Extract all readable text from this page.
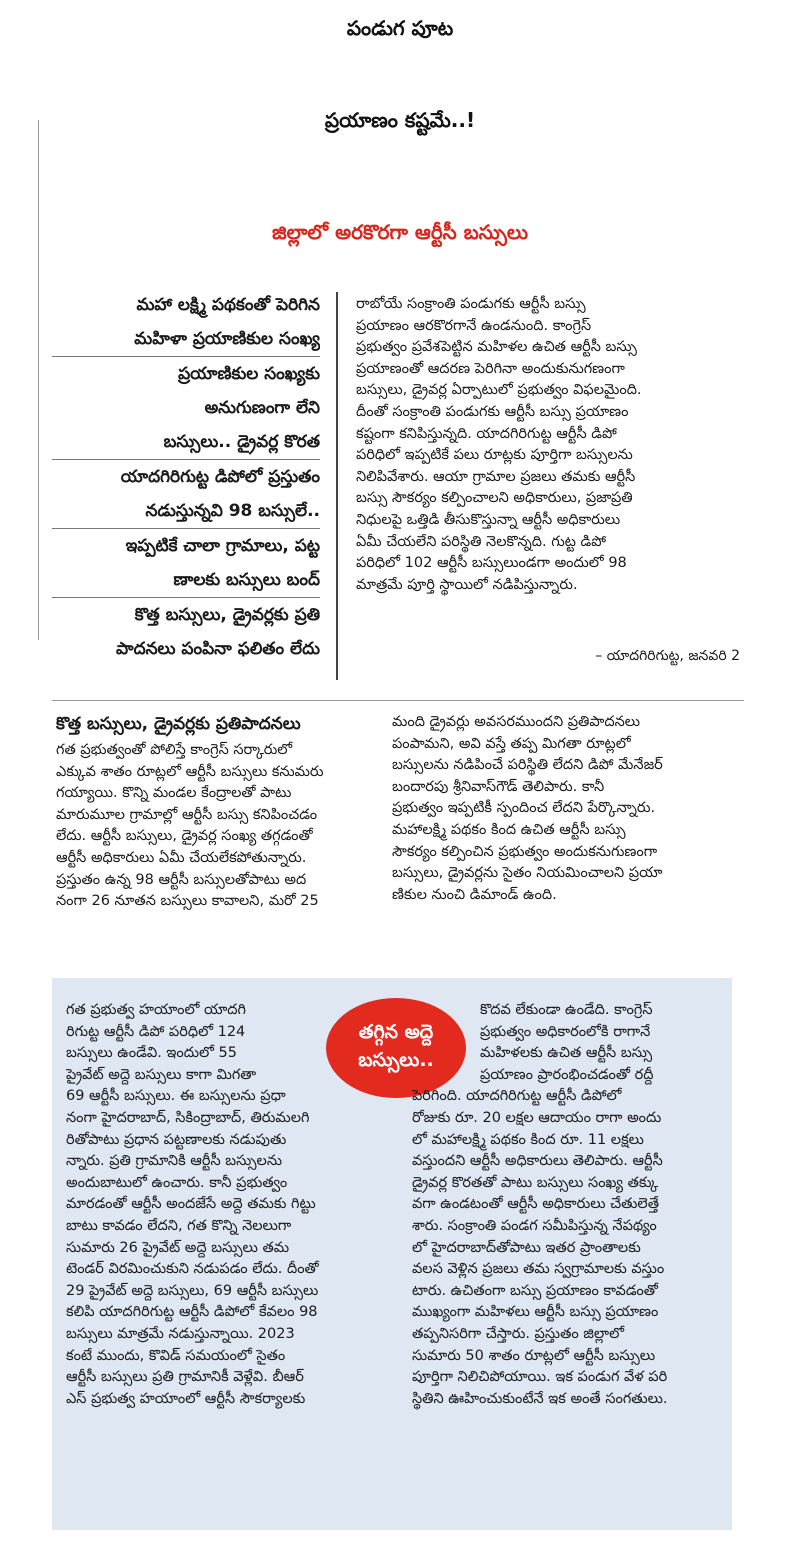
పండుగ పూట
ప్రయాణం కష్టమే..!
జిల్లాలో అరకొరగా ఆర్టీసీ బస్సులు
మహా లక్ష్మి పథకంతో పెరిగిన
మహిళా ప్రయాణికుల సంఖ్య
ప్రయాణికుల సంఖ్యకు
అనుగుణంగా లేని
బస్సులు.. డ్రైవర్ల కొరత
యాదగిరిగుట్ట డిపోలో ప్రస్తుతం
నడుస్తున్నవి 98 బస్సులే..
ఇప్పటికే చాలా గ్రామాలు, పట్ట
ణాలకు బస్సులు బంద్
కొత్త బస్సులు, డ్రైవర్లకు ప్రతి
పాదనలు పంపినా ఫలితం లేదు
రాబోయే సంక్రాంతి పండుగకు ఆర్టీసీ బస్సు
ప్రయాణం ఆరకొరగానే ఉండనుంది. కాంగ్రెస్
ప్రభుత్వం ప్రవేశపెట్టిన మహిళల ఉచిత ఆర్టీసీ బస్సు
ప్రయాణంతో ఆదరణ పెరిగినా అందుకునుగణంగా
బస్సులు, డ్రైవర్ల ఏర్పాటులో ప్రభుత్వం విఫలమైంది.
దీంతో సంక్రాంతి పండుగకు ఆర్టీసీ బస్సు ప్రయాణం
కష్టంగా కనిపిస్తున్నది. యాదగిరిగుట్ట ఆర్టీసీ డిపో
పరిధిలో ఇప్పటికే పలు రూట్లకు పూర్తిగా బస్సులను
నిలిపివేశారు. ఆయా గ్రామాల ప్రజలు తమకు ఆర్టీసీ
బస్సు సౌకర్యం కల్పించాలని అధికారులు, ప్రజాప్రతి
నిధులపై ఒత్తిడి తీసుకొస్తున్నా ఆర్టీసీ అధికారులు
ఏమీ చేయలేని పరిస్థితి నెలకొన్నది. గుట్ట డిపో
పరిధిలో 102 ఆర్టీసీ బస్సులుండగా అందులో 98
మాత్రమే పూర్తి స్థాయిలో నడిపిస్తున్నారు.
– యాదగిరిగుట్ట, జనవరి 2
కొత్త బస్సులు, డ్రైవర్లకు ప్రతిపాదనలు
గత ప్రభుత్వంతో పోలిస్తే కాంగ్రెస్ సర్కారులో
ఎక్కువ శాతం రూట్లలో ఆర్టీసీ బస్సులు కనుమరు
గయ్యాయి. కొన్ని మండల కేంద్రాలతో పాటు
మారుమూల గ్రామాల్లో ఆర్టీసీ బస్సు కనిపించడం
లేదు. ఆర్టీసీ బస్సులు, డ్రైవర్ల సంఖ్య తగ్గడంతో
ఆర్టీసీ అధికారులు ఏమీ చేయలేకపోతున్నారు.
ప్రస్తుతం ఉన్న 98 ఆర్టీసీ బస్సులతోపాటు అద
నంగా 26 నూతన బస్సులు కావాలని, మరో 25
మంది డ్రైవర్లు అవసరముందని ప్రతిపాదనలు
పంపామని, అవి వస్తే తప్ప మిగతా రూట్లలో
బస్సులను నడిపించే పరిస్థితి లేదని డిపో మేనేజర్
బందారపు శ్రీనివాస్‌గౌడ్ తెలిపారు. కానీ
ప్రభుత్వం ఇప్పటికీ స్పందించ లేదని పేర్కొన్నారు.
మహాలక్ష్మి పథకం కింద ఉచిత ఆర్టీసీ బస్సు
సౌకర్యం కల్పించిన ప్రభుత్వం అందుకనుగుణంగా
బస్సులు, డ్రైవర్లను సైతం నియమించాలని ప్రయా
ణికుల నుంచి డిమాండ్ ఉంది.
తగ్గిన అద్దె
బస్సులు..
గత ప్రభుత్వ హయాంలో యాదగి
రిగుట్ట ఆర్టీసీ డిపో పరిధిలో 124
బస్సులు ఉండేవి. ఇందులో 55
ప్రైవేట్ అద్దె బస్సులు కాగా మిగతా
69 ఆర్టీసీ బస్సులు. ఈ బస్సులను ప్రధా
నంగా హైదరాబాద్, సికింద్రాబాద్, తిరుమలగి
రితోపాటు ప్రధాన పట్టణాలకు నడుపుతు
న్నారు. ప్రతి గ్రామానికి ఆర్టీసీ బస్సులను
అందుబాటులో ఉంచారు. కానీ ప్రభుత్వం
మారడంతో ఆర్టీసీ అందజేసే అద్దె తమకు గిట్టు
బాటు కావడం లేదని, గత కొన్ని నెలలుగా
సుమారు 26 ప్రైవేట్ అద్దె బస్సులు తమ
టెండర్ విరమించుకుని నడుపడం లేదు. దీంతో
29 ప్రైవేట్ అద్దె బస్సులు, 69 ఆర్టీసీ బస్సులు
కలిపి యాదగిరిగుట్ట ఆర్టీసీ డిపోలో కేవలం 98
బస్సులు మాత్రమే నడుస్తున్నాయి. 2023
కంటే ముందు, కొవిడ్ సమయంలో సైతం
ఆర్టీసీ బస్సులు ప్రతి గ్రామానికీ వెళ్లేవి. బీఆర్
ఎస్ ప్రభుత్వ హయాంలో ఆర్టీసీ సౌకర్యాలకు
కొదవ లేకుండా ఉండేది. కాంగ్రెస్
ప్రభుత్వం అధికారంలోకి రాగానే
మహిళలకు ఉచిత ఆర్టీసీ బస్సు
ప్రయాణం ప్రారంభించడంతో రద్దీ
పెరిగింది. యాదగిరిగుట్ట ఆర్టీసీ డిపోలో
రోజుకు రూ. 20 లక్షల ఆదాయం రాగా అందు
లో మహాలక్ష్మి పథకం కింద రూ. 11 లక్షలు
వస్తుందని ఆర్టీసీ అధికారులు తెలిపారు. ఆర్టీసీ
డ్రైవర్ల కొరతతో పాటు బస్సులు సంఖ్య తక్కు
వగా ఉండటంతో ఆర్టీసీ అధికారులు చేతులెత్తే
శారు. సంక్రాంతి పండగ సమీపిస్తున్న నేపథ్యం
లో హైదరాబాద్‌తోపాటు ఇతర ప్రాంతాలకు
వలస వెళ్లిన ప్రజలు తమ స్వగ్రామాలకు వస్తుం
టారు. ఉచితంగా బస్సు ప్రయాణం కావడంతో
ముఖ్యంగా మహిళలు ఆర్టీసీ బస్సు ప్రయాణం
తప్పనిసరిగా చేస్తారు. ప్రస్తుతం జిల్లాలో
సుమారు 50 శాతం రూట్లలో ఆర్టీసీ బస్సులు
పూర్తిగా నిలిచిపోయాయి. ఇక పండుగ వేళ పరి
స్థితిని ఊహించుకుంటేనే ఇక అంతే సంగతులు.
